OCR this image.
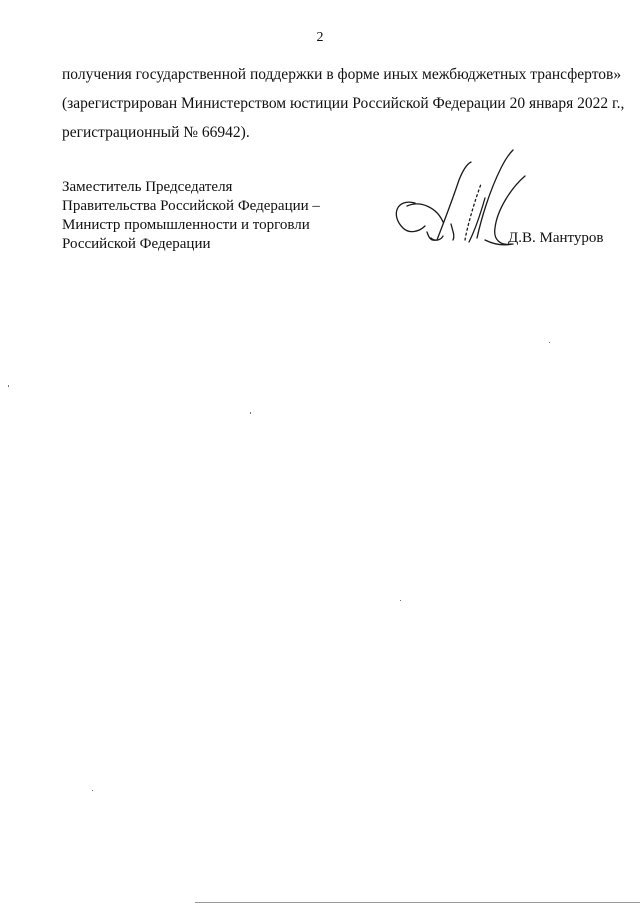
2

получения государственной поддержки в форме иных межбюджетных трансфертов»

(зарегистрирован Министерством юстиции Российской Федерации 20 января 2022 г.,

регистрационный № 66942).

Заместитель Председателя

Правительства Российской Федерации –

Министр промышленности и торговли

Российской Федерации	Д.В. Мантуров
